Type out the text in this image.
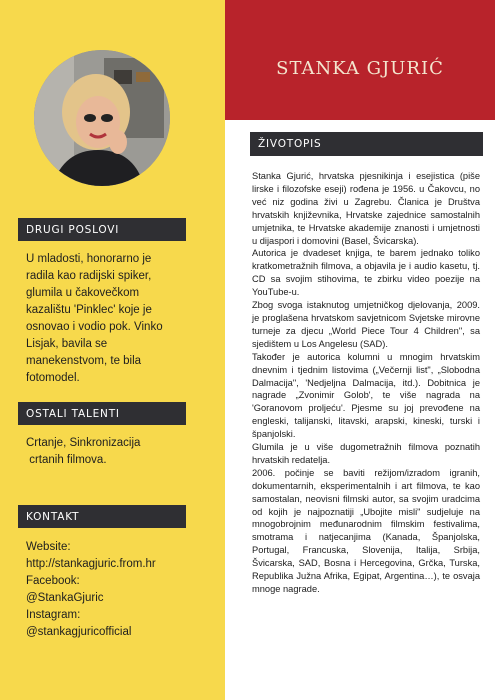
STANKA GJURIĆ
DRUGI POSLOVI
U mladosti, honorarno je
radila kao radijski spiker,
glumila u čakovečkom
kazalištu 'Pinklec' koje je
osnovao i vodio pok. Vinko
Lisjak, bavila se
manekenstvom, te bila
fotomodel.
OSTALI TALENTI
Crtanje, Sinkronizacija
crtanih filmova.
KONTAKT
Website:
http://stankagjuric.from.hr
Facebook:
@StankaGjuric
Instagram:
@stankagjuricofficial
ŽIVOTOPIS

Stanka Gjurić, hrvatska pjesnikinja i esejistica (piše lirske i filozofske eseji) rođena je 1956. u Čakovcu, no već niz godina živi u Zagrebu. Članica je Društva hrvatskih književnika, Hrvatske zajednice samostalnih umjetnika, te Hrvatske akademije znanosti i umjetnosti u dijaspori i domovini (Basel, Švicarska).

Autorica je dvadeset knjiga, te barem jednako toliko kratkometražnih filmova, a objavila je i audio kasetu, tj. CD sa svojim stihovima, te zbirku video poezije na YouTube-u.

Zbog svoga istaknutog umjetničkog djelovanja, 2009. je proglašena hrvatskom savjetnicom Svjetske mirovne turneje za djecu „World Piece Tour 4 Children", sa sjedištem u Los Angelesu (SAD).

Također je autorica kolumni u mnogim hrvatskim dnevnim i tjednim listovima („Večernji list", „Slobodna Dalmacija", 'Nedjeljna Dalmacija, itd.). Dobitnica je nagrade „Zvonimir Golob', te više nagrada na 'Goranovom proljeću'. Pjesme su joj prevođene na engleski, talijanski, litavski, arapski, kineski, turski i španjolski.

Glumila je u više dugometražnih filmova poznatih hrvatskih redatelja.

2006. počinje se baviti režijom/izradom igranih, dokumentarnih, eksperimentalnih i art filmova, te kao samostalan, neovisni filmski autor, sa svojim uradcima od kojih je najpoznatiji „Ubojite misli" sudjeluje na mnogobrojnim međunarodnim filmskim festivalima, smotrama i natjecanjima (Kanada, Španjolska, Portugal, Francuska, Slovenija, Italija, Srbija, Švicarska, SAD, Bosna i Hercegovina, Grčka, Turska, Republika Južna Afrika, Egipat, Argentina…), te osvaja mnoge nagrade.
